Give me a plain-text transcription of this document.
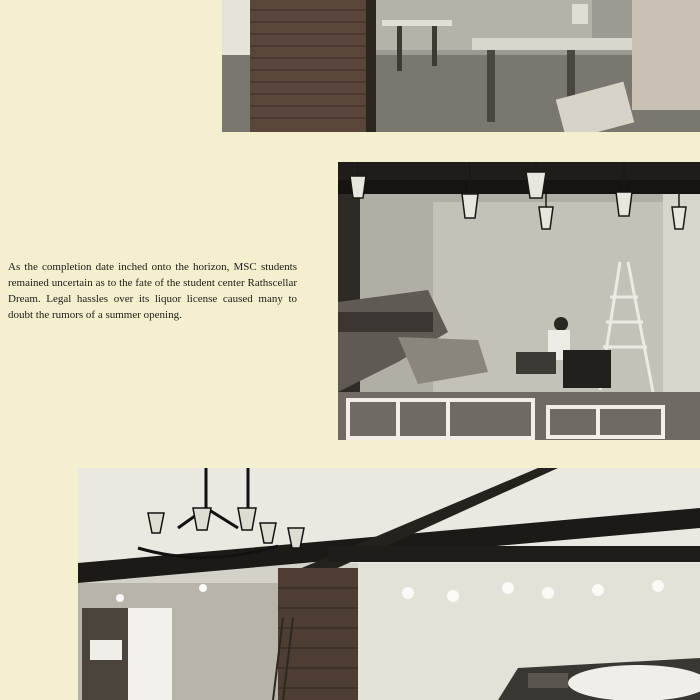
As the completion date inched onto the horizon, MSC students remained uncertain as to the fate of the student center Rathscellar Dream. Legal hassles over its liquor license caused many to doubt the rumors of a summer opening.
